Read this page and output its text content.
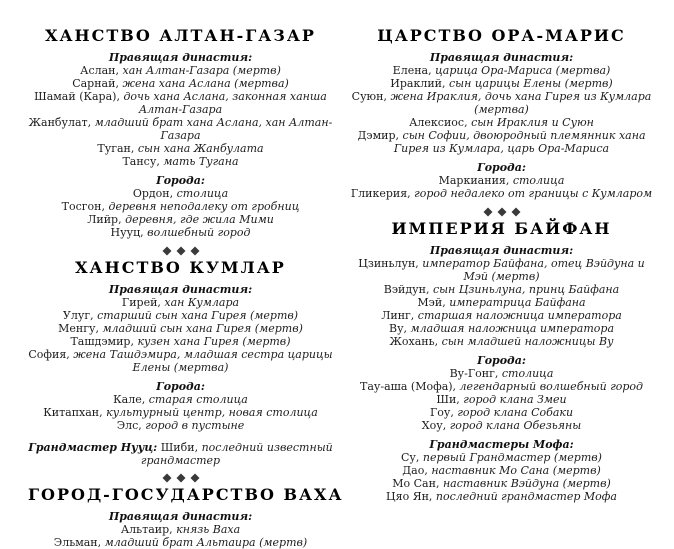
ХАНСТВО АЛТАН-ГАЗАР
Правящая династия:
Аслан, хан Алтан-Газара (мертв)
Сарнай, жена хана Аслана (мертва)
Шамай (Кара), дочь хана Аслана, законная ханша Алтан-Газара
Жанбулат, младший брат хана Аслана, хан Алтан-Газара
Туган, сын хана Жанбулата
Тансу, мать Тугана
Города:
Ордон, столица
Тосгон, деревня неподалеку от гробниц
Лийр, деревня, где жила Мими
Нууц, волшебный город
ХАНСТВО КУМЛАР
Правящая династия:
Гирей, хан Кумлара
Улуг, старший сын хана Гирея (мертв)
Менгу, младший сын хана Гирея (мертв)
Ташдэмир, кузен хана Гирея (мертв)
София, жена Ташдэмира, младшая сестра царицы Елены (мертва)
Города:
Кале, старая столица
Китапхан, культурный центр, новая столица
Элс, город в пустыне
Грандмастер Нууц: Шиби, последний известный грандмастер
ГОРОД-ГОСУДАРСТВО ВАХА
Правящая династия:
Альтаир, князь Ваха
Эльман, младший брат Альтаира (мертв)
ЦАРСТВО ОРА-МАРИС
Правящая династия:
Елена, царица Ора-Мариса (мертва)
Ираклий, сын царицы Елены (мертв)
Суюн, жена Ираклия, дочь хана Гирея из Кумлара (мертва)
Алексиос, сын Ираклия и Суюн
Дэмир, сын Софии, двоюродный племянник хана Гирея из Кумлара, царь Ора-Мариса
Города:
Маркиания, столица
Гликерия, город недалеко от границы с Кумларом
ИМПЕРИЯ БАЙФАН
Правящая династия:
Цзиньлун, император Байфана, отец Вэйдуна и Мэй (мертв)
Вэйдун, сын Цзиньлуна, принц Байфана
Мэй, императрица Байфана
Линг, старшая наложница императора
Ву, младшая наложница императора
Жохань, сын младшей наложницы Ву
Города:
Ву-Гонг, столица
Тау-аша (Мофа), легендарный волшебный город
Ши, город клана Змеи
Гоу, город клана Собаки
Хоу, город клана Обезьяны
Грандмастеры Мофа:
Су, первый Грандмастер (мертв)
Дао, наставник Мо Сана (мертв)
Мо Сан, наставник Вэйдуна (мертв)
Цяо Ян, последний грандмастер Мофа
